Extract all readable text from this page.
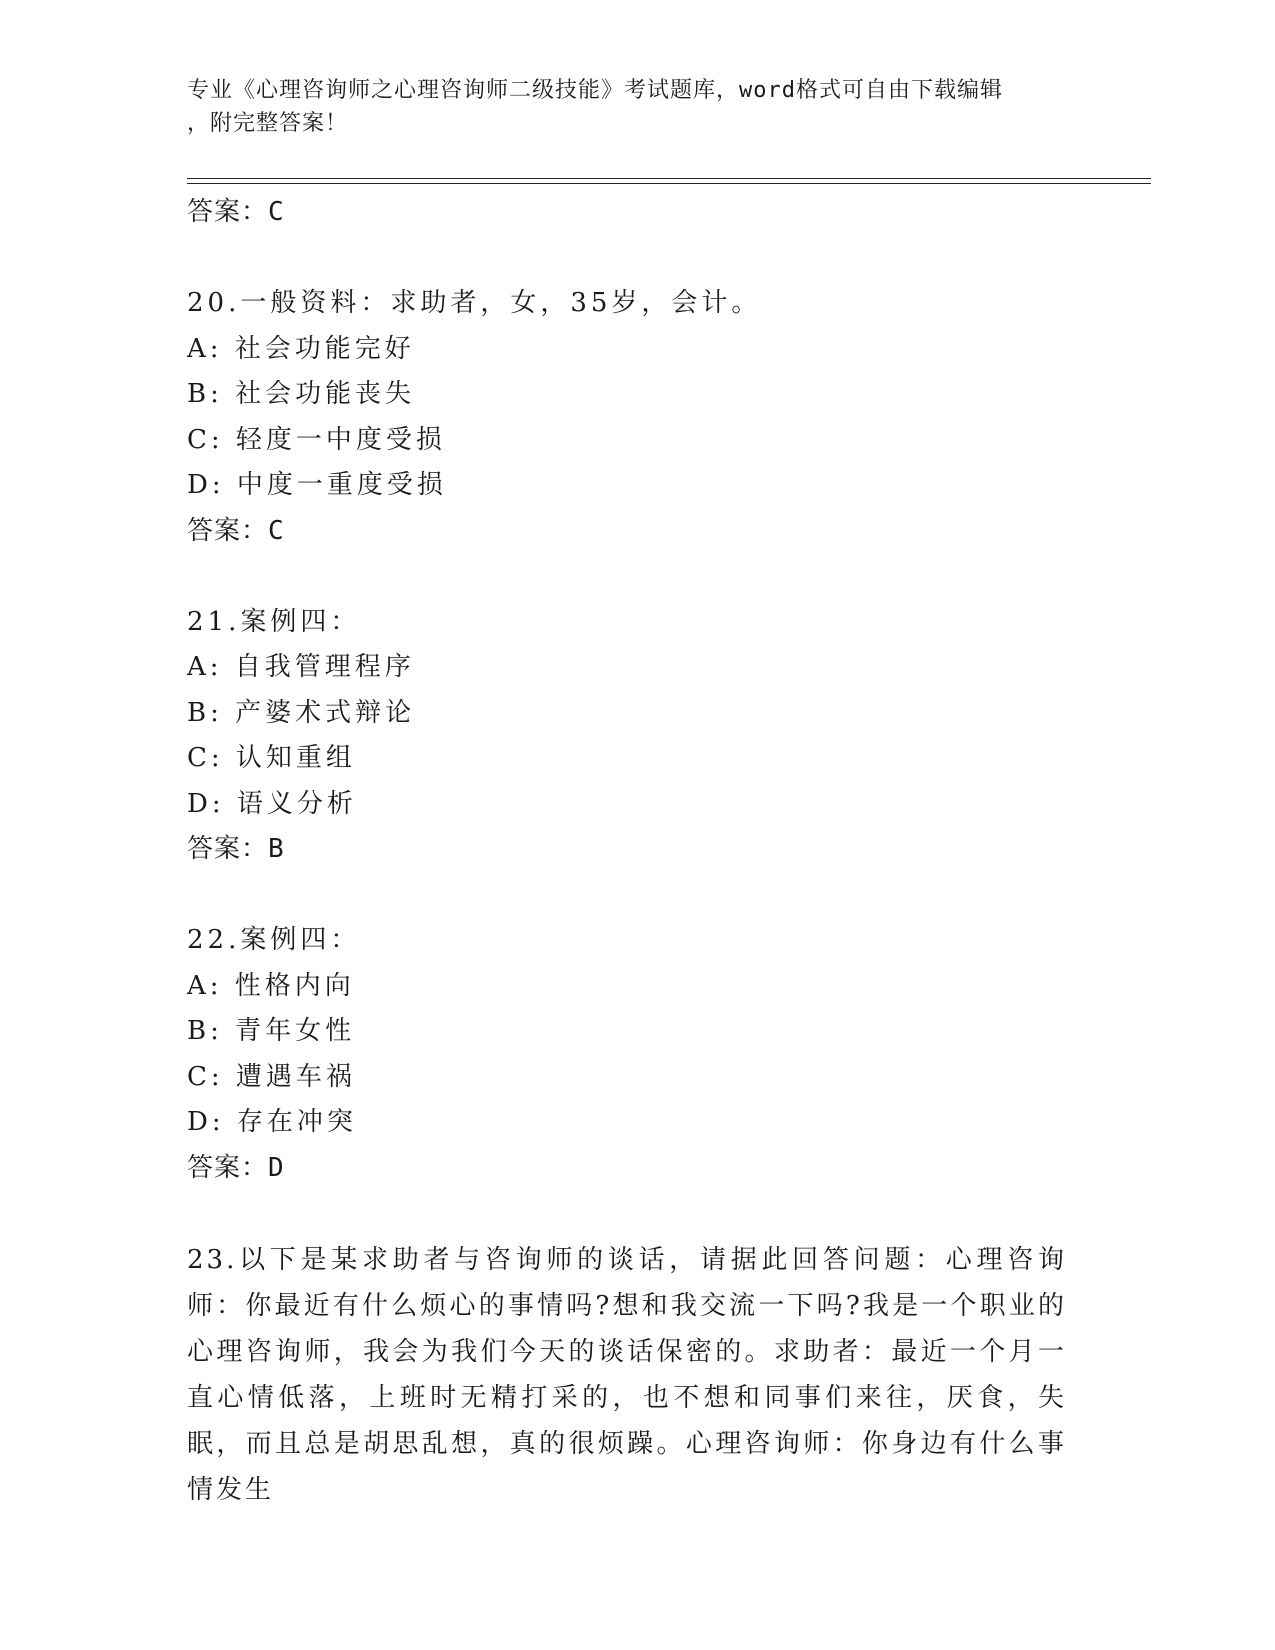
专业《心理咨询师之心理咨询师二级技能》考试题库，word格式可自由下载编辑
，附完整答案！
答案：C
20.一般资料：求助者，女，35岁，会计。
A: 社会功能完好
B: 社会功能丧失
C: 轻度一中度受损
D: 中度一重度受损
答案：C
21.案例四：
A: 自我管理程序
B: 产婆术式辩论
C: 认知重组
D: 语义分析
答案：B
22.案例四：
A: 性格内向
B: 青年女性
C: 遭遇车祸
D: 存在冲突
答案：D
23.以下是某求助者与咨询师的谈话，请据此回答问题：心理咨询师：你最近有什么烦心的事情吗?想和我交流一下吗?我是一个职业的心理咨询师，我会为我们今天的谈话保密的。求助者：最近一个月一直心情低落，上班时无精打采的，也不想和同事们来往，厌食，失眠，而且总是胡思乱想，真的很烦躁。心理咨询师：你身边有什么事情发生
